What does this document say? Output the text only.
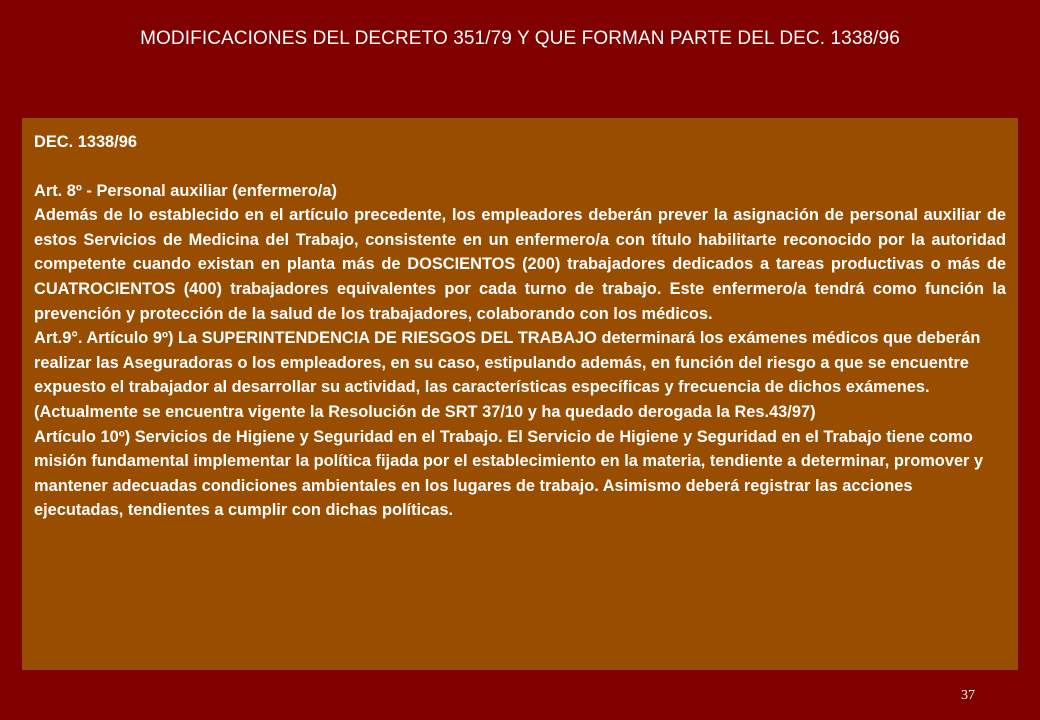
MODIFICACIONES DEL DECRETO 351/79 Y QUE FORMAN PARTE DEL DEC. 1338/96

DEC. 1338/96

Art. 8º - Personal auxiliar (enfermero/a)

Además de lo establecido en el artículo precedente, los empleadores deberán prever la asignación de personal auxiliar de estos Servicios de Medicina del Trabajo, consistente en un enfermero/a con título habilitarte reconocido por la autoridad competente cuando existan en planta más de DOSCIENTOS (200) trabajadores dedicados a tareas productivas o más de CUATROCIENTOS (400) trabajadores equivalentes por cada turno de trabajo. Este enfermero/a tendrá como función la prevención y protección de la salud de los trabajadores, colaborando con los médicos.

Art.9°. Artículo 9º) La SUPERINTENDENCIA DE RIESGOS DEL TRABAJO determinará los exámenes médicos que deberán realizar las Aseguradoras o los empleadores, en su caso, estipulando además, en función del riesgo a que se encuentre expuesto el trabajador al desarrollar su actividad, las características específicas y frecuencia de dichos exámenes.

(Actualmente se encuentra vigente la Resolución de SRT 37/10 y ha quedado derogada la Res.43/97)

Artículo 10º) Servicios de Higiene y Seguridad en el Trabajo. El Servicio de Higiene y Seguridad en el Trabajo tiene como misión fundamental implementar la política fijada por el establecimiento en la materia, tendiente a determinar, promover y mantener adecuadas condiciones ambientales en los lugares de trabajo. Asimismo deberá registrar las acciones ejecutadas, tendientes a cumplir con dichas políticas.

37
